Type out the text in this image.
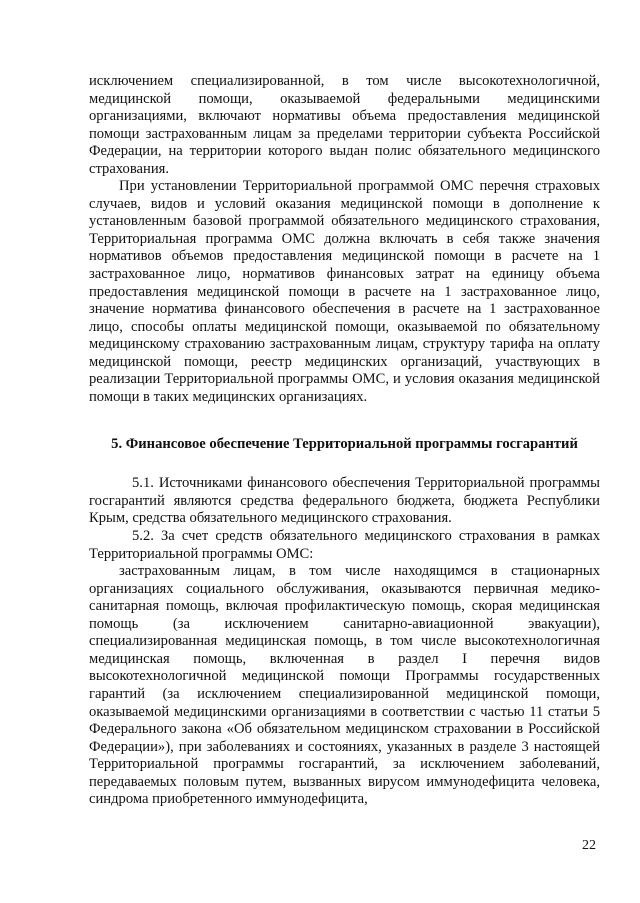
исключением специализированной, в том числе высокотехнологичной, медицинской помощи, оказываемой федеральными медицинскими организациями, включают нормативы объема предоставления медицинской помощи застрахованным лицам за пределами территории субъекта Российской Федерации, на территории которого выдан полис обязательного медицинского страхования.

При установлении Территориальной программой ОМС перечня страховых случаев, видов и условий оказания медицинской помощи в дополнение к установленным базовой программой обязательного медицинского страхования, Территориальная программа ОМС должна включать в себя также значения нормативов объемов предоставления медицинской помощи в расчете на 1 застрахованное лицо, нормативов финансовых затрат на единицу объема предоставления медицинской помощи в расчете на 1 застрахованное лицо, значение норматива финансового обеспечения в расчете на 1 застрахованное лицо, способы оплаты медицинской помощи, оказываемой по обязательному медицинскому страхованию застрахованным лицам, структуру тарифа на оплату медицинской помощи, реестр медицинских организаций, участвующих в реализации Территориальной программы ОМС, и условия оказания медицинской помощи в таких медицинских организациях.

5. Финансовое обеспечение Территориальной программы госгарантий

5.1. Источниками финансового обеспечения Территориальной программы госгарантий являются средства федерального бюджета, бюджета Республики Крым, средства обязательного медицинского страхования.

5.2. За счет средств обязательного медицинского страхования в рамках Территориальной программы ОМС:

застрахованным лицам, в том числе находящимся в стационарных организациях социального обслуживания, оказываются первичная медико-санитарная помощь, включая профилактическую помощь, скорая медицинская помощь (за исключением санитарно-авиационной эвакуации), специализированная медицинская помощь, в том числе высокотехнологичная медицинская помощь, включенная в раздел I перечня видов высокотехнологичной медицинской помощи Программы государственных гарантий (за исключением специализированной медицинской помощи, оказываемой медицинскими организациями в соответствии с частью 11 статьи 5 Федерального закона «Об обязательном медицинском страховании в Российской Федерации»), при заболеваниях и состояниях, указанных в разделе 3 настоящей Территориальной программы госгарантий, за исключением заболеваний, передаваемых половым путем, вызванных вирусом иммунодефицита человека, синдрома приобретенного иммунодефицита,

22
